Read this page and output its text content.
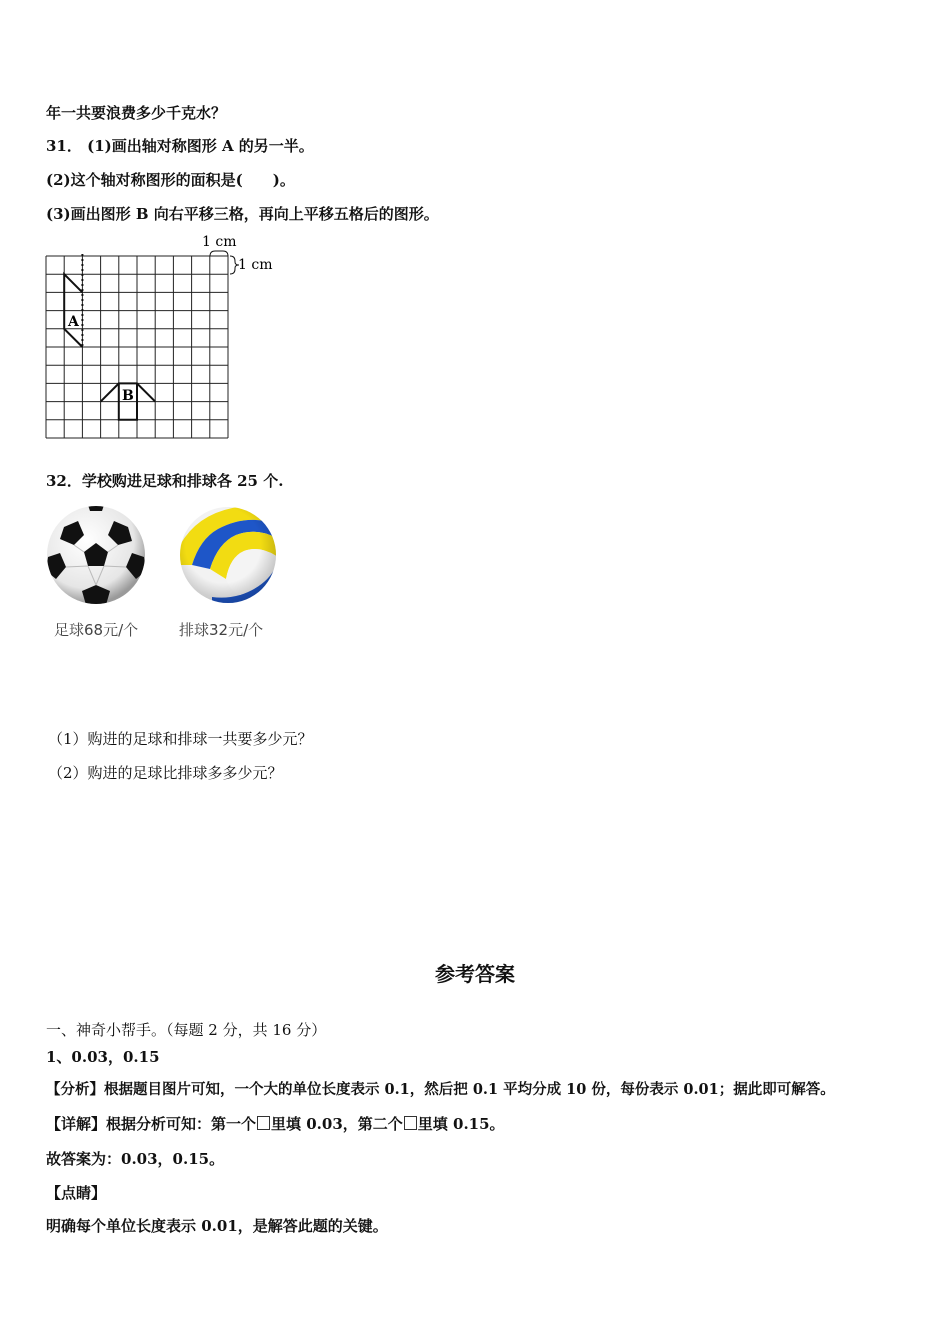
年一共要浪费多少千克水？
31． (1)画出轴对称图形 A 的另一半。
(2)这个轴对称图形的面积是(　　)。
(3)画出图形 B 向右平移三格，再向上平移五格后的图形。
A
B
1 cm
1 cm
32．学校购进足球和排球各 25 个.
足球68元/个	排球32元/个
（1）购进的足球和排球一共要多少元？
（2）购进的足球比排球多多少元？
参考答案
一、神奇小帮手。（每题 2 分，共 16 分）
1、0.03，0.15
【分析】根据题目图片可知，一个大的单位长度表示 0.1，然后把 0.1 平均分成 10 份，每份表示 0.01；据此即可解答。
【详解】根据分析可知：第一个 里填 0.03，第二个 里填 0.15。
故答案为：0.03，0.15。
【点睛】
明确每个单位长度表示 0.01，是解答此题的关键。
